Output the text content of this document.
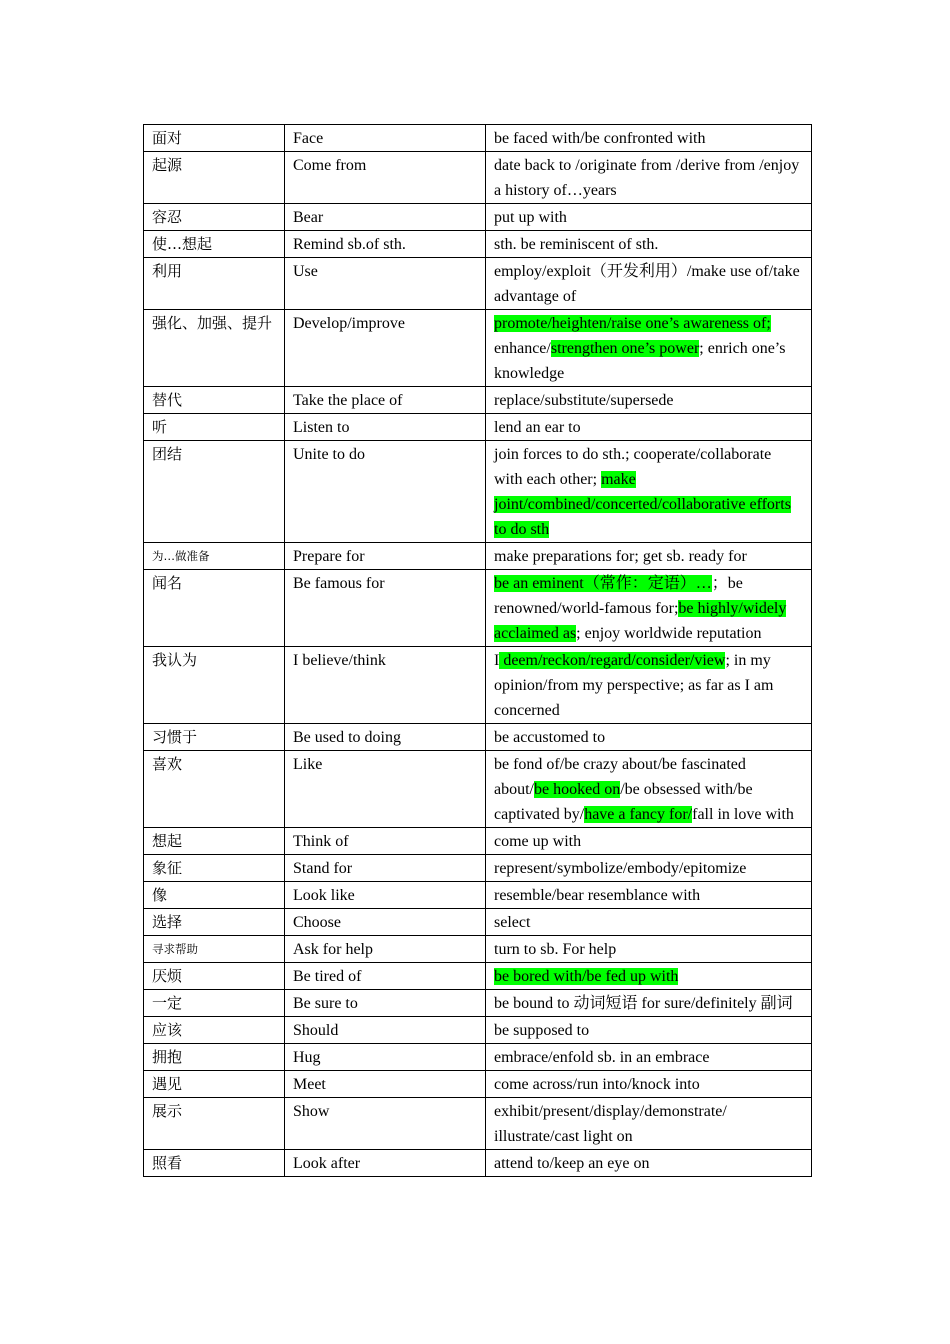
面对	Face	be faced with/be confronted with
起源	Come from	date back to /originate from /derive from /enjoy a history of…years
容忍	Bear	put up with
使…想起	Remind sb.of sth.	sth. be reminiscent of sth.
利用	Use	employ/exploit（开发利用）/make use of/take advantage of
强化、加强、提升	Develop/improve	promote/heighten/raise one’s awareness of; enhance/strengthen one’s power; enrich one’s knowledge
替代	Take the place of	replace/substitute/supersede
听	Listen to	lend an ear to
团结	Unite to do	join forces to do sth.; cooperate/collaborate with each other; make joint/combined/concerted/collaborative efforts to do sth
为…做准备	Prepare for	make preparations for; get sb. ready for
闻名	Be famous for	be an eminent（常作：定语）…；be renowned/world-famous for;be highly/widely acclaimed as; enjoy worldwide reputation
我认为	I believe/think	I deem/reckon/regard/consider/view; in my opinion/from my perspective; as far as I am concerned
习惯于	Be used to doing	be accustomed to
喜欢	Like	be fond of/be crazy about/be fascinated about/be hooked on/be obsessed with/be captivated by/have a fancy for/fall in love with
想起	Think of	come up with
象征	Stand for	represent/symbolize/embody/epitomize
像	Look like	resemble/bear resemblance with
选择	Choose	select
寻求帮助	Ask for help	turn to sb. For help
厌烦	Be tired of	be bored with/be fed up with
一定	Be sure to	be bound to 动词短语 for sure/definitely 副词
应该	Should	be supposed to
拥抱	Hug	embrace/enfold sb. in an embrace
遇见	Meet	come across/run into/knock into
展示	Show	exhibit/present/display/demonstrate/ illustrate/cast light on
照看	Look after	attend to/keep an eye on
